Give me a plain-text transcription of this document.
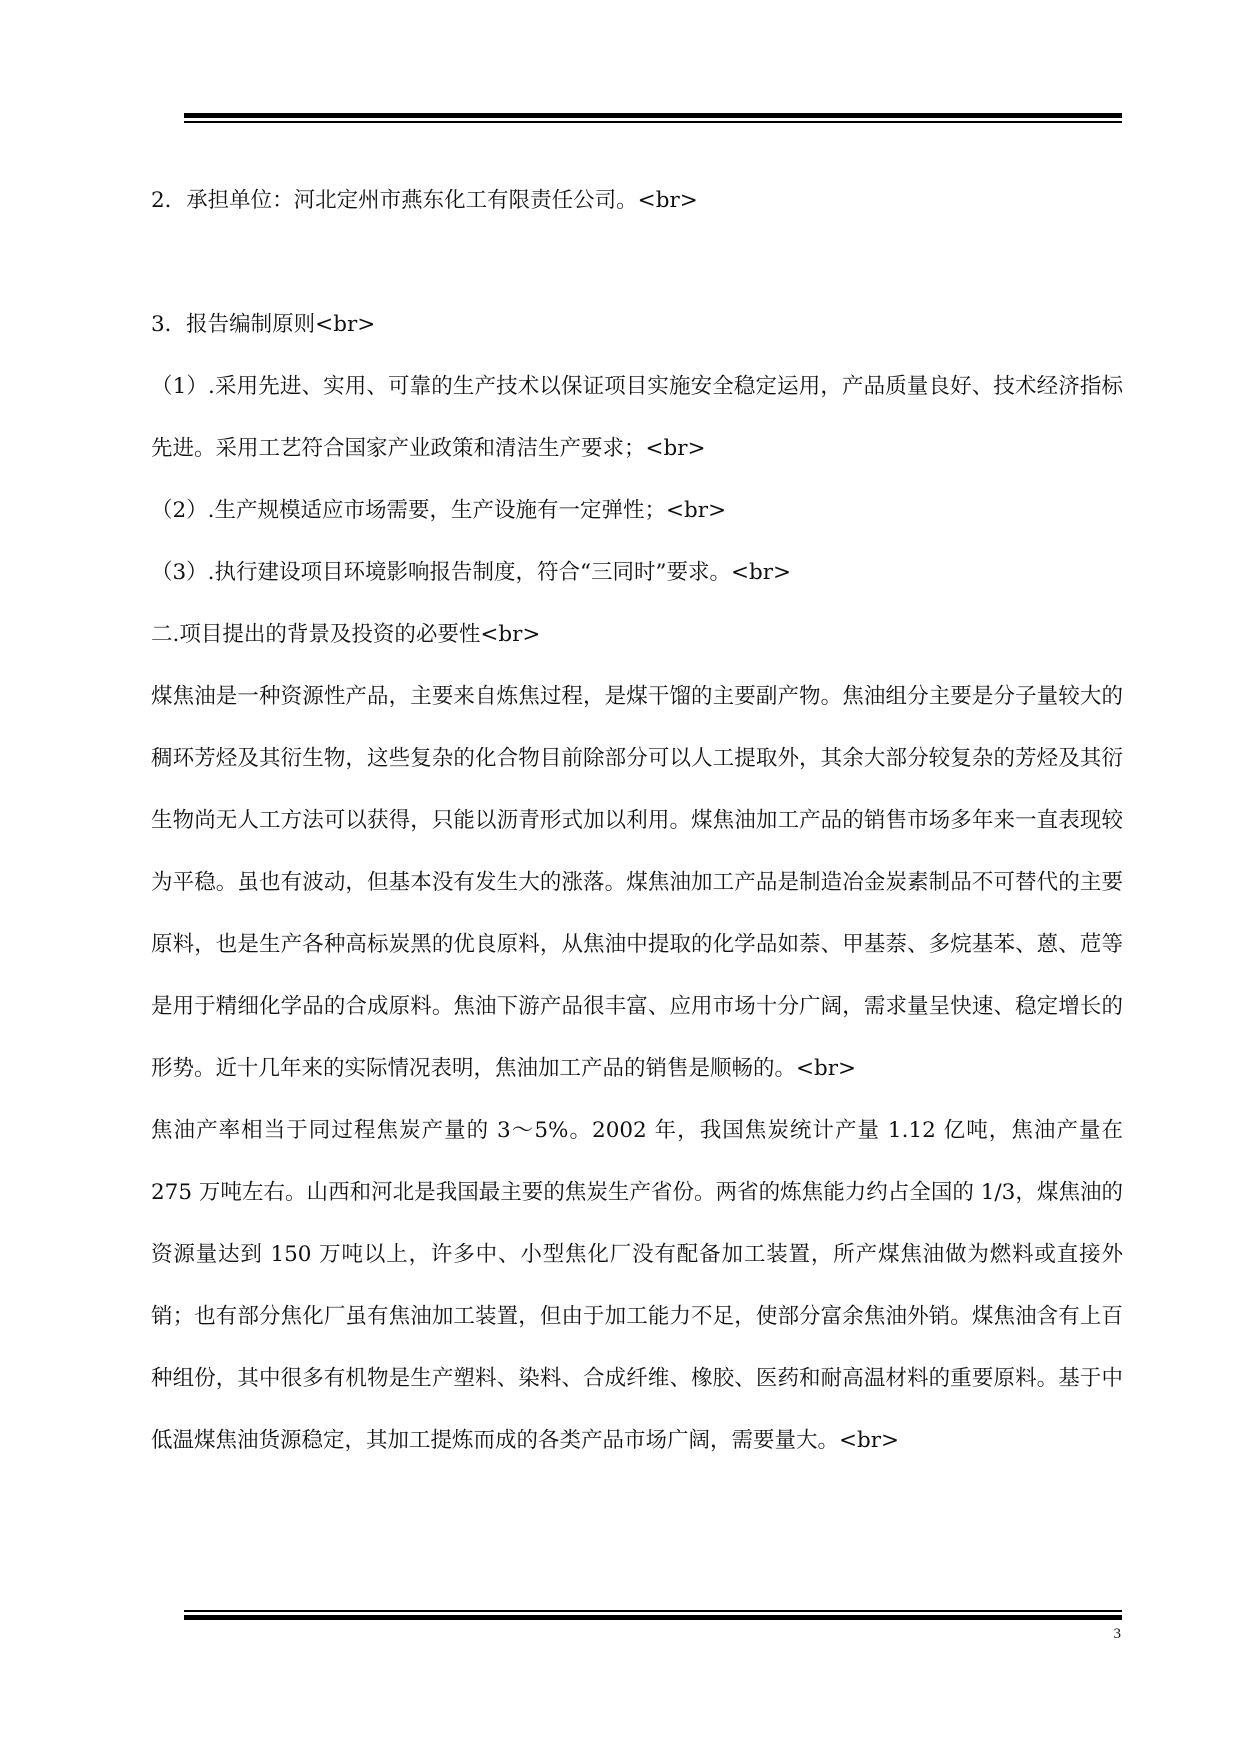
2．承担单位：河北定州市燕东化工有限责任公司。<br>

3．报告编制原则<br>

（1）.采用先进、实用、可靠的生产技术以保证项目实施安全稳定运用，产品质量良好、技术经济指标先进。采用工艺符合国家产业政策和清洁生产要求；<br>

（2）.生产规模适应市场需要，生产设施有一定弹性；<br>

（3）.执行建设项目环境影响报告制度，符合“三同时”要求。<br>

二.项目提出的背景及投资的必要性<br>

煤焦油是一种资源性产品，主要来自炼焦过程，是煤干馏的主要副产物。焦油组分主要是分子量较大的稠环芳烃及其衍生物，这些复杂的化合物目前除部分可以人工提取外，其余大部分较复杂的芳烃及其衍生物尚无人工方法可以获得，只能以沥青形式加以利用。煤焦油加工产品的销售市场多年来一直表现较为平稳。虽也有波动，但基本没有发生大的涨落。煤焦油加工产品是制造冶金炭素制品不可替代的主要原料，也是生产各种高标炭黑的优良原料，从焦油中提取的化学品如萘、甲基萘、多烷基苯、蒽、苊等是用于精细化学品的合成原料。焦油下游产品很丰富、应用市场十分广阔，需求量呈快速、稳定增长的形势。近十几年来的实际情况表明，焦油加工产品的销售是顺畅的。<br>

焦油产率相当于同过程焦炭产量的 3～5%。2002 年，我国焦炭统计产量 1.12 亿吨，焦油产量在 275 万吨左右。山西和河北是我国最主要的焦炭生产省份。两省的炼焦能力约占全国的 1/3，煤焦油的资源量达到 150 万吨以上，许多中、小型焦化厂没有配备加工装置，所产煤焦油做为燃料或直接外销；也有部分焦化厂虽有焦油加工装置，但由于加工能力不足，使部分富余焦油外销。煤焦油含有上百种组份，其中很多有机物是生产塑料、染料、合成纤维、橡胶、医药和耐高温材料的重要原料。基于中低温煤焦油货源稳定，其加工提炼而成的各类产品市场广阔，需要量大。<br>

3
